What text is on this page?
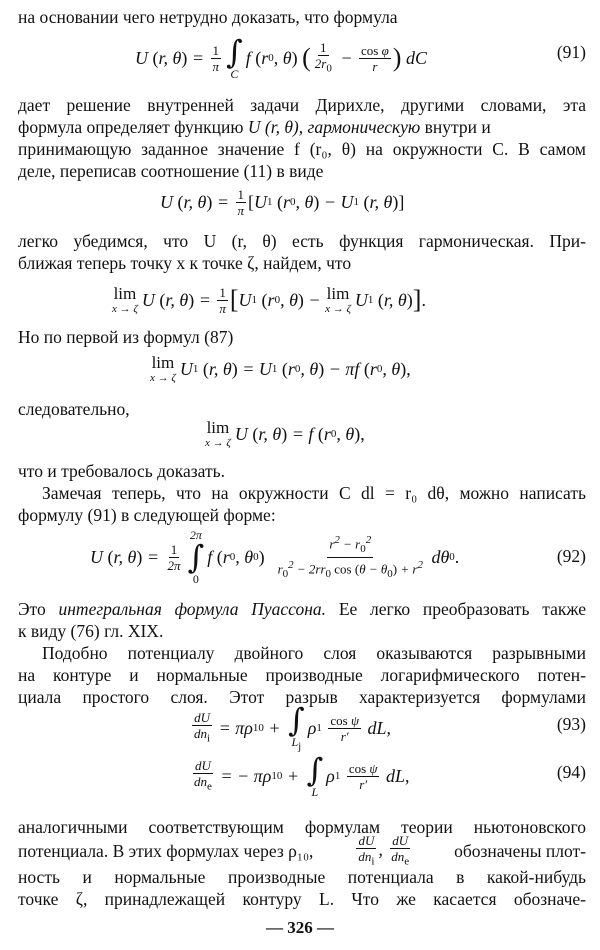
на основании чего нетрудно доказать, что формула
U ( r, θ ) = $\frac{1}{\pi}$ ∫
C
f ( r 0 , θ )
( $\frac{1}{2r_0} - \frac{\text{cos φ}}{r}$ ) dC	(91)
дает решение внутренней задачи Дирихле, другими словами, эта
формула определяет функцию U (r, θ), гармоническую внутри и
принимающую заданное значение f (r₀, θ) на окружности C. В самом
деле, переписав соотношение (11) в виде
U ( r, θ ) = $\frac{1}{\pi}$ [ U 1
( r 0 , θ ) − U 1
( r, θ )]
легко убедимся, что U (r, θ) есть функция гармоническая. При-
ближая теперь точку x к точке ζ, найдем, что
lim
x → ζ U ( r, θ ) = $\frac{1}{\pi}$ [ U 1
( r 0 , θ ) − lim
x → ζ U 1
( r, θ ) ] .
Но по первой из формул (87)
lim
x → ζ U 1
( r, θ ) = U 1
( r 0 , θ ) − πf ( r 0 , θ ),
следовательно,
lim
x → ζ U ( r, θ ) = f ( r 0 , θ ),
что и требовалось доказать.
Замечая теперь, что на окружности C dl = r₀ dθ, можно написать
формулу (91) в следующей форме:
U ( r, θ ) = $\frac{1}{2\pi}$
2π
∫
0
f ( r 0 , θ 0 )
$\frac{r^2 - r_0^2}{r_0^2 - 2rr_0 \cos (\theta - \theta_0) + r^2}$ dθ 0 .	(92)
Это интегральная формула Пуассона. Ее легко преобразовать также
к виду (76) гл. XIX.
Подобно потенциалу двойного слоя оказываются разрывными
на контуре и нормальные производные логарифмического потен-
циала простого слоя. Этот разрыв характеризуется формулами
$\frac{dU}{dn_i} = \pi\rho$ 10 + ∫
$L_j$
ρ 1
$\frac{\text{cos ψ}}{r'}$ dL ,	(93)
$\frac{dU}{dn_e}$ = − πρ 10 + ∫
L
ρ 1
$\frac{\text{cos ψ}}{r'}$ dL ,	(94)
аналогичными соответствующим формулам теории ньютоновского
потенциала. В этих формулах через ρ₁₀,	$\frac{dU}{dn_i}$ , $\frac{dU}{dn_e}$ обозначены плот-
ность и нормальные производные потенциала в какой-нибудь
точке ζ, принадлежащей контуру L. Что же касается обозначе-
— 326 —
